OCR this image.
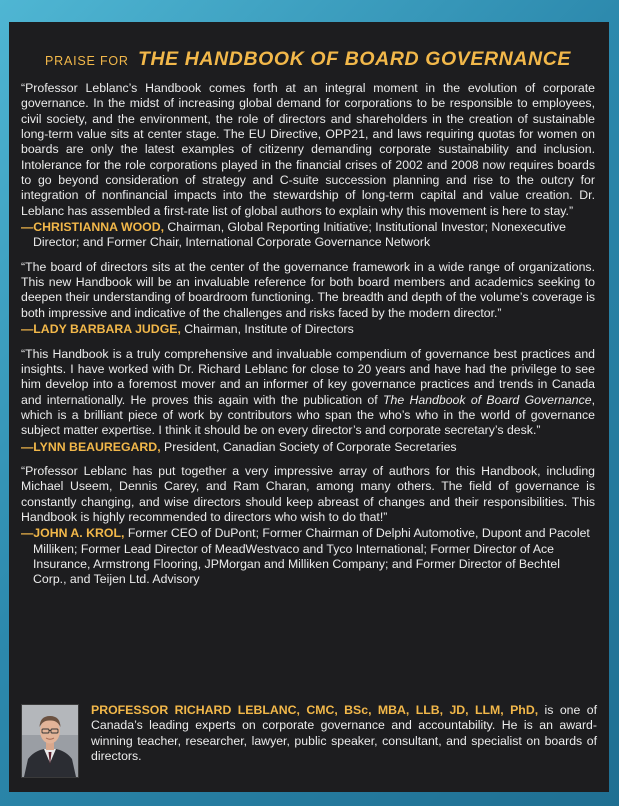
PRAISE FOR THE HANDBOOK OF BOARD GOVERNANCE

“Professor Leblanc’s Handbook comes forth at an integral moment in the evolution of corporate governance. In the midst of increasing global demand for corporations to be responsible to employees, civil society, and the environment, the role of directors and shareholders in the creation of sustainable long-term value sits at center stage. The EU Directive, OPP21, and laws requiring quotas for women on boards are only the latest examples of citizenry demanding corporate sustainability and inclusion. Intolerance for the role corporations played in the financial crises of 2002 and 2008 now requires boards to go beyond consideration of strategy and C-suite succession planning and rise to the outcry for integration of nonfinancial impacts into the stewardship of long-term capital and value creation. Dr. Leblanc has assembled a first-rate list of global authors to explain why this movement is here to stay.”

—CHRISTIANNA WOOD, Chairman, Global Reporting Initiative; Institutional Investor; Nonexecutive Director; and Former Chair, International Corporate Governance Network

“The board of directors sits at the center of the governance framework in a wide range of organizations. This new Handbook will be an invaluable reference for both board members and academics seeking to deepen their understanding of boardroom functioning. The breadth and depth of the volume’s coverage is both impressive and indicative of the challenges and risks faced by the modern director.”

—LADY BARBARA JUDGE, Chairman, Institute of Directors

“This Handbook is a truly comprehensive and invaluable compendium of governance best practices and insights. I have worked with Dr. Richard Leblanc for close to 20 years and have had the privilege to see him develop into a foremost mover and an informer of key governance practices and trends in Canada and internationally. He proves this again with the publication of The Handbook of Board Governance, which is a brilliant piece of work by contributors who span the who’s who in the world of governance subject matter expertise. I think it should be on every director’s and corporate secretary’s desk.”

—LYNN BEAUREGARD, President, Canadian Society of Corporate Secretaries

“Professor Leblanc has put together a very impressive array of authors for this Handbook, including Michael Useem, Dennis Carey, and Ram Charan, among many others. The field of governance is constantly changing, and wise directors should keep abreast of changes and their responsibilities. This Handbook is highly recommended to directors who wish to do that!”

—JOHN A. KROL, Former CEO of DuPont; Former Chairman of Delphi Automotive, Dupont and Pacolet Milliken; Former Lead Director of MeadWestvaco and Tyco International; Former Director of Ace Insurance, Armstrong Flooring, JPMorgan and Milliken Company; and Former Director of Bechtel Corp., and Teijen Ltd. Advisory

PROFESSOR RICHARD LEBLANC, CMC, BSc, MBA, LLB, JD, LLM, PhD, is one of Canada’s leading experts on corporate governance and accountability. He is an award-winning teacher, researcher, lawyer, public speaker, consultant, and specialist on boards of directors.
